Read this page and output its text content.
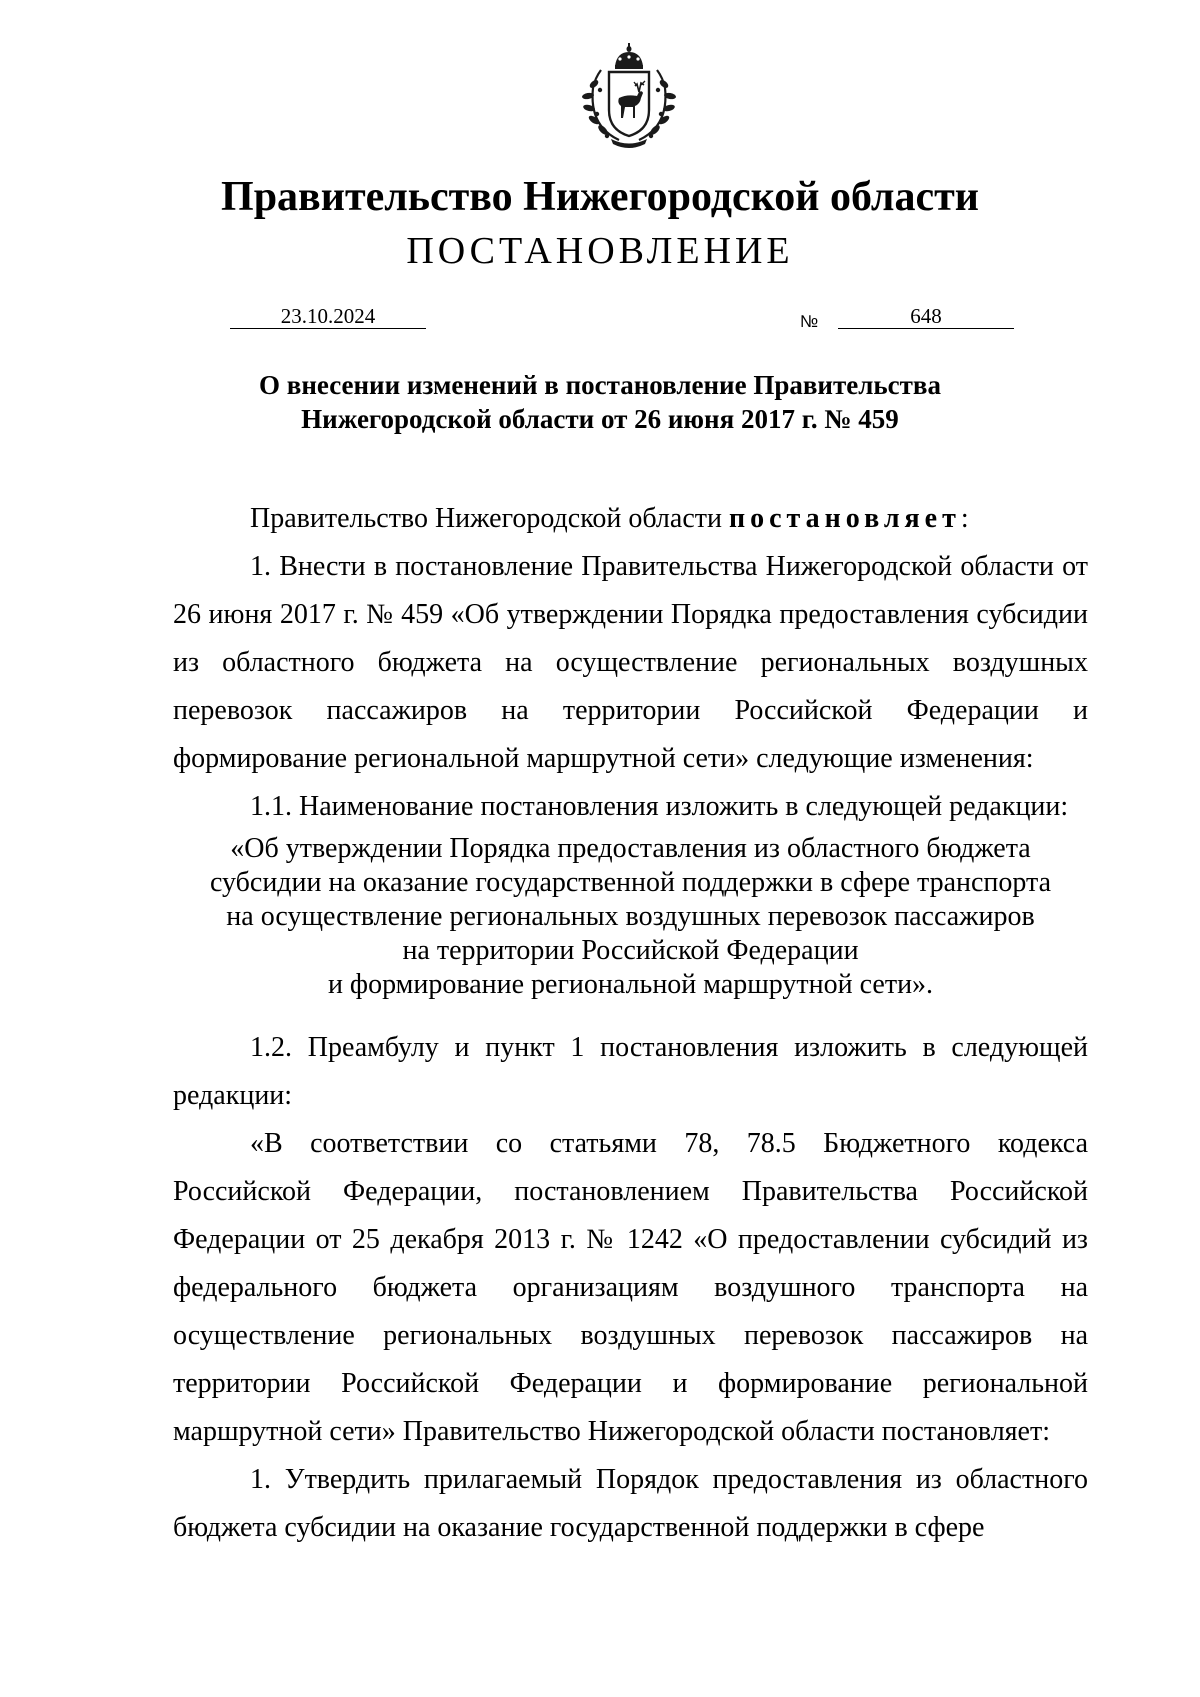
Правительство Нижегородской области
ПОСТАНОВЛЕНИЕ
23.10.2024	№	648
О внесении изменений в постановление Правительства
Нижегородской области от 26 июня 2017 г. № 459

Правительство Нижегородской области постановляет:

1. Внести в постановление Правительства Нижегородской области от 26 июня 2017 г. № 459 «Об утверждении Порядка предоставления субсидии из областного бюджета на осуществление региональных воздушных перевозок пассажиров на территории Российской Федерации и формирование региональной маршрутной сети» следующие изменения:

1.1. Наименование постановления изложить в следующей редакции:

«Об утверждении Порядка предоставления из областного бюджета
субсидии на оказание государственной поддержки в сфере транспорта
на осуществление региональных воздушных перевозок пассажиров
на территории Российской Федерации
и формирование региональной маршрутной сети».

1.2. Преамбулу и пункт 1 постановления изложить в следующей редакции:

«В соответствии со статьями 78, 78.5 Бюджетного кодекса Российской Федерации, постановлением Правительства Российской Федерации от 25 декабря 2013 г. № 1242 «О предоставлении субсидий из федерального бюджета организациям воздушного транспорта на осуществление региональных воздушных перевозок пассажиров на территории Российской Федерации и формирование региональной маршрутной сети» Правительство Нижегородской области постановляет:

1. Утвердить прилагаемый Порядок предоставления из областного бюджета субсидии на оказание государственной поддержки в сфере
